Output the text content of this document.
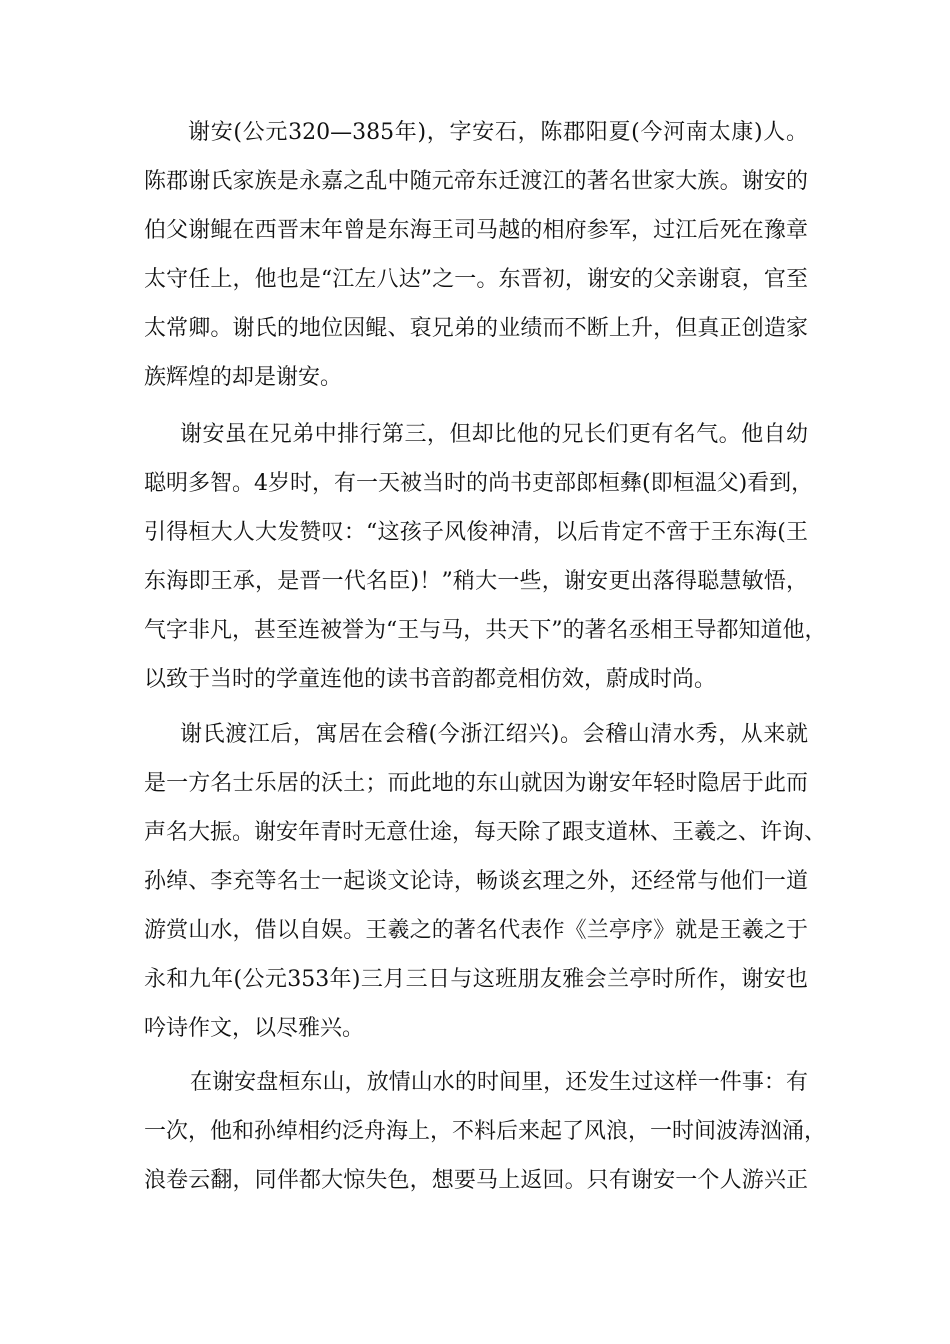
谢安(公元320—385年)，字安石，陈郡阳夏(今河南太康)人。
陈郡谢氏家族是永嘉之乱中随元帝东迁渡江的著名世家大族。谢安的
伯父谢鲲在西晋末年曾是东海王司马越的相府参军，过江后死在豫章
太守任上，他也是“江左八达”之一。东晋初，谢安的父亲谢裒，官至
太常卿。谢氏的地位因鲲、裒兄弟的业绩而不断上升，但真正创造家
族辉煌的却是谢安。
谢安虽在兄弟中排行第三，但却比他的兄长们更有名气。他自幼
聪明多智。4岁时，有一天被当时的尚书吏部郎桓彝(即桓温父)看到，
引得桓大人大发赞叹：“这孩子风俊神清，以后肯定不啻于王东海(王
东海即王承，是晋一代名臣)！”稍大一些，谢安更出落得聪慧敏悟，
气字非凡，甚至连被誉为“王与马，共天下”的著名丞相王导都知道他，
以致于当时的学童连他的读书音韵都竞相仿效，蔚成时尚。
谢氏渡江后，寓居在会稽(今浙江绍兴)。会稽山清水秀，从来就
是一方名士乐居的沃土；而此地的东山就因为谢安年轻时隐居于此而
声名大振。谢安年青时无意仕途，每天除了跟支道林、王羲之、许询、
孙绰、李充等名士一起谈文论诗，畅谈玄理之外，还经常与他们一道
游赏山水，借以自娱。王羲之的著名代表作《兰亭序》就是王羲之于
永和九年(公元353年)三月三日与这班朋友雅会兰亭时所作，谢安也
吟诗作文，以尽雅兴。
在谢安盘桓东山，放情山水的时间里，还发生过这样一件事：有
一次，他和孙绰相约泛舟海上，不料后来起了风浪，一时间波涛汹涌，
浪卷云翻，同伴都大惊失色，想要马上返回。只有谢安一个人游兴正
